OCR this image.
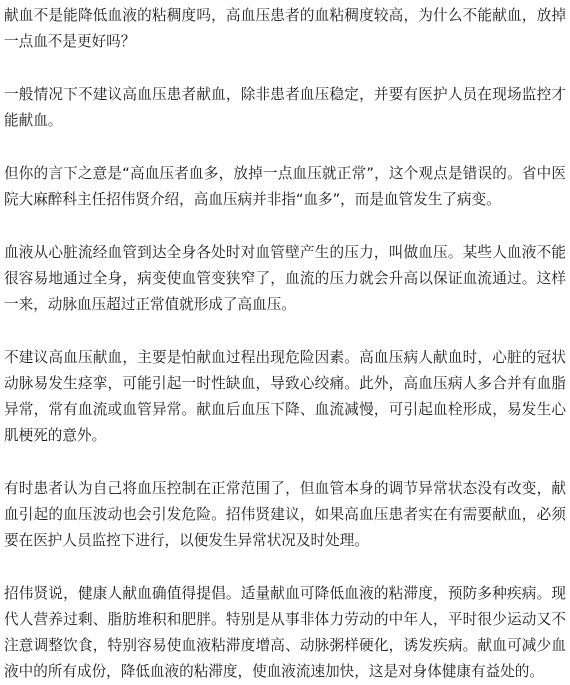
献血不是能降低血液的粘稠度吗，高血压患者的血粘稠度较高，为什么不能献血，放掉一点血不是更好吗？

一般情况下不建议高血压患者献血，除非患者血压稳定，并要有医护人员在现场监控才能献血。

但你的言下之意是“高血压者血多，放掉一点血压就正常”，这个观点是错误的。省中医院大麻醉科主任招伟贤介绍，高血压病并非指“血多”，而是血管发生了病变。

血液从心脏流经血管到达全身各处时对血管壁产生的压力，叫做血压。某些人血液不能很容易地通过全身，病变使血管变狭窄了，血流的压力就会升高以保证血流通过。这样一来，动脉血压超过正常值就形成了高血压。

不建议高血压献血，主要是怕献血过程出现危险因素。高血压病人献血时，心脏的冠状动脉易发生痉挛，可能引起一时性缺血，导致心绞痛。此外，高血压病人多合并有血脂异常，常有血流或血管异常。献血后血压下降、血流减慢，可引起血栓形成，易发生心肌梗死的意外。

有时患者认为自己将血压控制在正常范围了，但血管本身的调节异常状态没有改变，献血引起的血压波动也会引发危险。招伟贤建议，如果高血压患者实在有需要献血，必须要在医护人员监控下进行，以便发生异常状况及时处理。

招伟贤说，健康人献血确值得提倡。适量献血可降低血液的粘滞度，预防多种疾病。现代人营养过剩、脂肪堆积和肥胖。特别是从事非体力劳动的中年人，平时很少运动又不注意调整饮食，特别容易使血液粘滞度增高、动脉粥样硬化，诱发疾病。献血可减少血液中的所有成份，降低血液的粘滞度，使血液流速加快，这是对身体健康有益处的。
